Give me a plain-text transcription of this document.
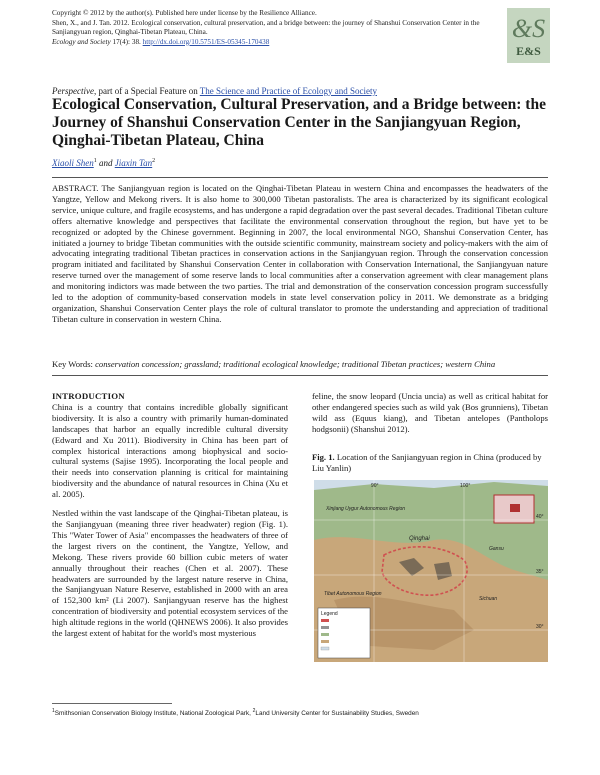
Copyright © 2012 by the author(s). Published here under license by the Resilience Alliance.
Shen, X., and J. Tan. 2012. Ecological conservation, cultural preservation, and a bridge between: the journey of Shanshui Conservation Center in the Sanjiangyuan region, Qinghai-Tibetan Plateau, China.
Ecology and Society 17(4): 38. http://dx.doi.org/10.5751/ES-05345-170438	&S
E&S
Perspective, part of a Special Feature on The Science and Practice of Ecology and Society
Ecological Conservation, Cultural Preservation, and a Bridge between: the Journey of Shanshui Conservation Center in the Sanjiangyuan Region, Qinghai-Tibetan Plateau, China
Xiaoli Shen$^1$ and Jiaxin Tan$^2$

ABSTRACT. The Sanjiangyuan region is located on the Qinghai-Tibetan Plateau in western China and encompasses the headwaters of the Yangtze, Yellow and Mekong rivers. It is also home to 300,000 Tibetan pastoralists. The area is characterized by its significant ecological service, unique culture, and fragile ecosystems, and has undergone a rapid degradation over the past several decades. Traditional Tibetan culture offers alternative knowledge and perspectives that facilitate the environmental conservation throughout the region, but have yet to be recognized or adopted by the Chinese government. Beginning in 2007, the local environmental NGO, Shanshui Conservation Center, has initiated a journey to bridge Tibetan communities with the outside scientific community, mainstream society and policy-makers with the aim of advocating integrating traditional Tibetan practices in conservation actions in the Sanjiangyuan region. Through the conservation concession program initiated and facilitated by Shanshui Conservation Center in collaboration with Conservation International, the Sanjiangyuan nature reserve turned over the management of some reserve lands to local communities after a conservation agreement with clear management plans and monitoring indictors was made between the two parties. The trial and demonstration of the conservation concession program successfully led to the adoption of community-based conservation models in state level conservation policy in 2011. We demonstrate as a bridging organization, Shanshui Conservation Center plays the role of cultural translator to promote the understanding and appreciation of traditional Tibetan culture in conservation in western China.

Key Words: conservation concession; grassland; traditional ecological knowledge; traditional Tibetan practices; western China
INTRODUCTION

China is a country that contains incredible globally significant biodiversity. It is also a country with primarily human-dominated landscapes that harbor an equally incredible cultural diversity (Edward and Xu 2011). Biodiversity in China has been part of complex historical interactions among biophysical and socio-cultural systems (Sajise 1995). Incorporating the local people and their needs into conservation planning is critical for maintaining biodiversity and the abundance of natural resources in China (Xu et al. 2005).

Nestled within the vast landscape of the Qinghai-Tibetan plateau, is the Sanjiangyuan (meaning three river headwater) region (Fig. 1). This "Water Tower of Asia" encompasses the headwaters of three of the largest rivers on the continent, the Yangtze, Yellow, and Mekong. These rivers provide 60 billion cubic meters of water annually throughout their reaches (Chen et al. 2007). These headwaters are surrounded by the largest nature reserve in China, the Sanjiangyuan Nature Reserve, established in 2000 with an area of 152,300 km² (Li 2007). Sanjiangyuan reserve has the highest concentration of biodiversity and potential ecosystem services of the high altitude regions in the world (QHNEWS 2006). It also provides the largest extent of habitat for the world's most mysterious

feline, the snow leopard (Uncia uncia) as well as critical habitat for other endangered species such as wild yak (Bos grunniens), Tibetan wild ass (Equus kiang), and Tibetan antelopes (Pantholops hodgsonii) (Shanshui 2012).

Fig. 1. Location of the Sanjiangyuan region in China (produced by Liu Yanlin)
Xinjiang Uygur Autonomous Region
Qinghai
Gansu
Tibet Autonomous Region
Sichuan
90°	100°
40°
35°
30°
Legend
$^1$Smithsonian Conservation Biology Institute, National Zoological Park, $^2$Land University Center for Sustainability Studies, Sweden
